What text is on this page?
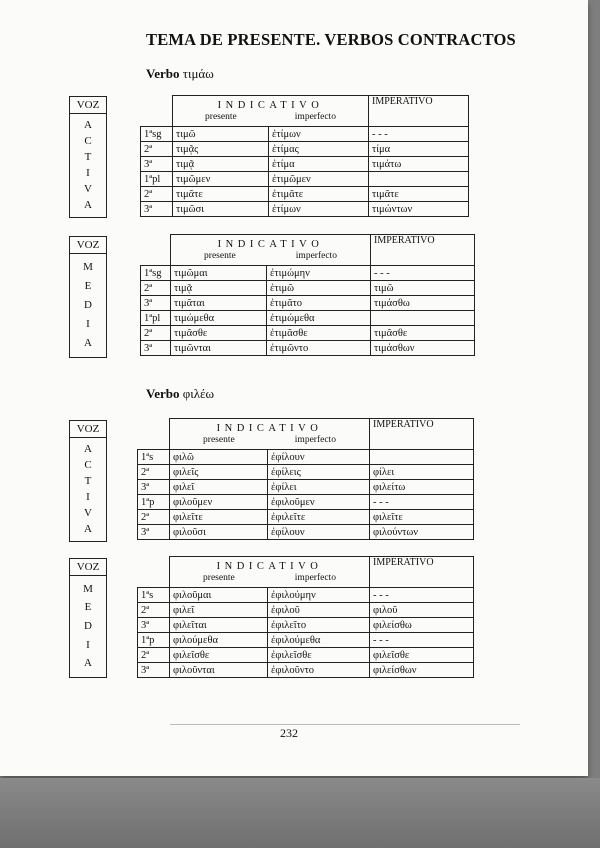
TEMA DE PRESENTE. VERBOS CONTRACTOS
Verbo τιμάω
Verbo φιλέω
VOZ
A
C
T
I
V
A

	INDICATIVO
presente imperfecto		IMPERATIVO
1ªsg	τιμῶ	ἐτίμων	- - -
2ª	τιμᾷς	ἐτίμας	τίμα
3ª	τιμᾷ	ἐτίμα	τιμάτω
1ªpl	τιμῶμεν	ἐτιμῶμεν	
2ª	τιμᾶτε	ἐτιμᾶτε	τιμᾶτε
3ª	τιμῶσι	ἐτίμων	τιμώντων
VOZ
M
E
D
I
A

	INDICATIVO
presente imperfecto		IMPERATIVO
1ªsg	τιμῶμαι	ἐτιμώμην	- - -
2ª	τιμᾷ	ἐτιμῶ	τιμῶ
3ª	τιμᾶται	ἐτιμᾶτο	τιμάσθω
1ªpl	τιμώμεθα	ἐτιμώμεθα	
2ª	τιμᾶσθε	ἐτιμᾶσθε	τιμᾶσθε
3ª	τιμῶνται	ἐτιμῶντο	τιμάσθων
VOZ
A
C
T
I
V
A

	INDICATIVO
presente imperfecto		IMPERATIVO
1ªs	φιλῶ	ἐφίλουν	
2ª	φιλεῖς	ἐφίλεις	φίλει
3ª	φιλεῖ	ἐφίλει	φιλείτω
1ªp	φιλοῦμεν	ἐφιλοῦμεν	- - -
2ª	φιλεῖτε	ἐφιλεῖτε	φιλεῖτε
3ª	φιλοῦσι	ἐφίλουν	φιλούντων
VOZ
M
E
D
I
A

	INDICATIVO
presente imperfecto		IMPERATIVO
1ªs	φιλοῦμαι	ἐφιλούμην	- - -
2ª	φιλεῖ	ἐφιλοῦ	φιλοῦ
3ª	φιλεῖται	ἐφιλεῖτο	φιλείσθω
1ªp	φιλούμεθα	ἐφιλούμεθα	- - -
2ª	φιλεῖσθε	ἐφιλεῖσθε	φιλεῖσθε
3ª	φιλοῦνται	ἐφιλοῦντο	φιλείσθων
232
